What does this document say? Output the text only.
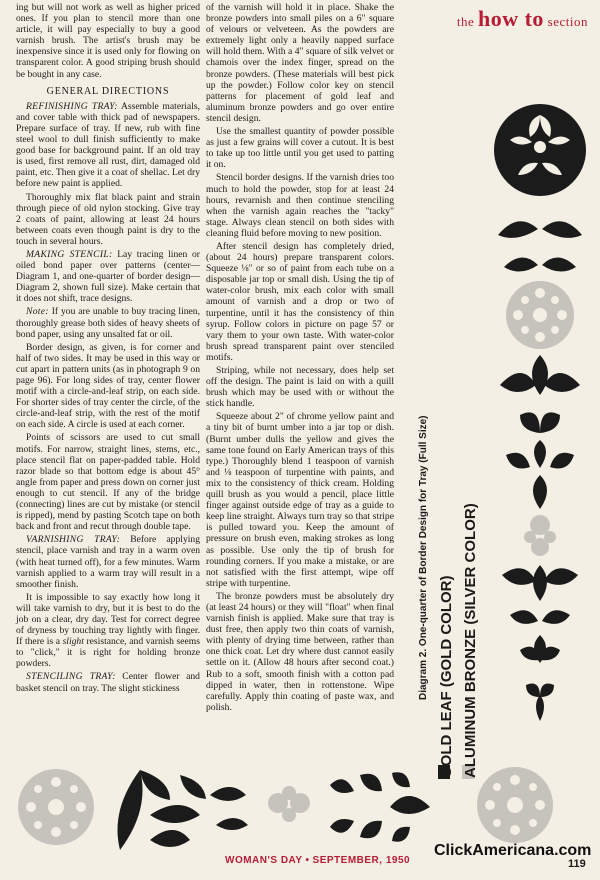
the how to section

ing but will not work as well as higher priced ones. If you plan to stencil more than one article, it will pay especially to buy a good varnish brush. The artist's brush may be inexpensive since it is used only for flowing on transparent color. A good striping brush should be bought in any case.

GENERAL DIRECTIONS

REFINISHING TRAY: Assemble materials, and cover table with thick pad of newspapers. Prepare surface of tray. If new, rub with fine steel wool to dull finish sufficiently to make good base for background paint. If an old tray is used, first remove all rust, dirt, damaged old paint, etc. Then give it a coat of shellac. Let dry before new paint is applied.

Thoroughly mix flat black paint and strain through piece of old nylon stocking. Give tray 2 coats of paint, allowing at least 24 hours between coats even though paint is dry to the touch in several hours.

MAKING STENCIL: Lay tracing linen or oiled bond paper over patterns (center—Diagram 1, and one-quarter of border design—Diagram 2, shown full size). Make certain that it does not shift, trace designs.

Note: If you are unable to buy tracing linen, thoroughly grease both sides of heavy sheets of bond paper, using any unsalted fat or oil.

Border design, as given, is for corner and half of two sides. It may be used in this way or cut apart in pattern units (as in photograph 9 on page 96). For long sides of tray, center flower motif with a circle-and-leaf strip, on each side. For shorter sides of tray center the circle, of the circle-and-leaf strip, with the rest of the motif on each side. A circle is used at each corner.

Points of scissors are used to cut small motifs. For narrow, straight lines, stems, etc., place stencil flat on paper-padded table. Hold razor blade so that bottom edge is about 45° angle from paper and press down on corner just enough to cut stencil. If any of the bridge (connecting) lines are cut by mistake (or stencil is ripped), mend by pasting Scotch tape on both back and front and recut through double tape.

VARNISHING TRAY: Before applying stencil, place varnish and tray in a warm oven (with heat turned off), for a few minutes. Warm varnish applied to a warm tray will result in a smoother finish.

It is impossible to say exactly how long it will take varnish to dry, but it is best to do the job on a clear, dry day. Test for correct degree of dryness by touching tray lightly with finger. If there is a slight resistance, and varnish seems to "click," it is right for holding bronze powders.

STENCILING TRAY: Center flower and basket stencil on tray. The slight stickiness

of the varnish will hold it in place. Shake the bronze powders into small piles on a 6" square of velours or velveteen. As the powders are extremely light only a heavily napped surface will hold them. With a 4" square of silk velvet or chamois over the index finger, spread on the bronze powders. (These materials will best pick up the powder.) Follow color key on stencil patterns for placement of gold leaf and aluminum bronze powders and go over entire stencil design.

Use the smallest quantity of powder possible as just a few grains will cover a cutout. It is best to take up too little until you get used to patting it on.

Stencil border designs. If the varnish dries too much to hold the powder, stop for at least 24 hours, revarnish and then continue stenciling when the varnish again reaches the "tacky" stage. Always clean stencil on both sides with cleaning fluid before moving to new position.

After stencil design has completely dried, (about 24 hours) prepare transparent colors. Squeeze ⅛" or so of paint from each tube on a disposable jar top or small dish. Using the tip of water-color brush, mix each color with small amount of varnish and a drop or two of turpentine, until it has the consistency of thin syrup. Follow colors in picture on page 57 or vary them to your own taste. With water-color brush spread transparent paint over stenciled motifs.

Striping, while not necessary, does help set off the design. The paint is laid on with a quill brush which may be used with or without the stick handle.

Squeeze about 2" of chrome yellow paint and a tiny bit of burnt umber into a jar top or dish. (Burnt umber dulls the yellow and gives the same tone found on Early American trays of this type.) Thoroughly blend 1 teaspoon of varnish and ⅛ teaspoon of turpentine with paints, and mix to the consistency of thick cream. Holding quill brush as you would a pencil, place little finger against outside edge of tray as a guide to keep line straight. Always turn tray so that stripe is pulled toward you. Keep the amount of pressure on brush even, making strokes as long as possible. Use only the tip of brush for rounding corners. If you make a mistake, or are not satisfied with the first attempt, wipe off stripe with turpentine.

The bronze powders must be absolutely dry (at least 24 hours) or they will "float" when final varnish finish is applied. Make sure that tray is dust free, then apply two thin coats of varnish, with plenty of drying time between, rather than one thick coat. Let dry where dust cannot easily settle on it. (Allow 48 hours after second coat.) Rub to a soft, smooth finish with a cotton pad dipped in water, then in rottenstone. Wipe carefully. Apply thin coating of paste wax, and polish.

Diagram 2. One-quarter of Border Design for Tray (Full Size) GOLD LEAF (GOLD COLOR) ALUMINUM BRONZE (SILVER COLOR)
WOMAN'S DAY • SEPTEMBER, 1950
ClickAmericana.com
119
